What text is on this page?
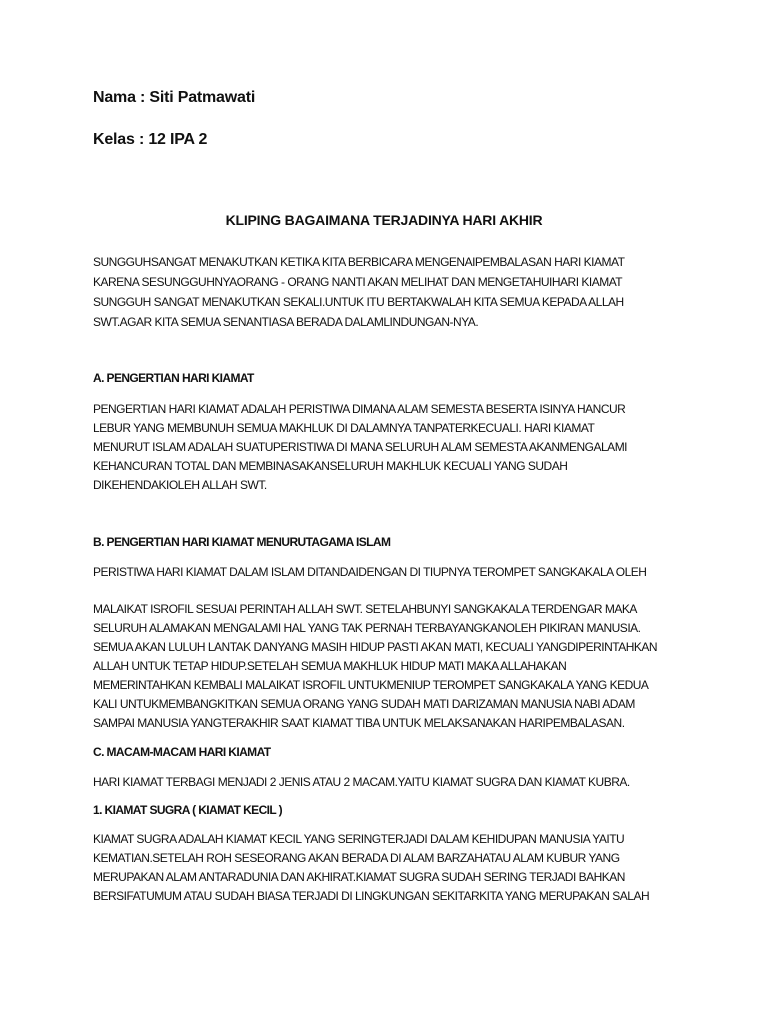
Nama : Siti Patmawati
Kelas : 12 IPA 2
KLIPING BAGAIMANA TERJADINYA HARI AKHIR
SUNGGUHSANGAT MENAKUTKAN KETIKA KITA BERBICARA MENGENAIPEMBALASAN HARI KIAMAT
KARENA SESUNGGUHNYAORANG - ORANG NANTI AKAN MELIHAT DAN MENGETAHUIHARI KIAMAT
SUNGGUH SANGAT MENAKUTKAN SEKALI.UNTUK ITU BERTAKWALAH KITA SEMUA KEPADA ALLAH
SWT.AGAR KITA SEMUA SENANTIASA BERADA DALAMLINDUNGAN-NYA.
A. PENGERTIAN HARI KIAMAT
PENGERTIAN HARI KIAMAT ADALAH PERISTIWA DIMANA ALAM SEMESTA BESERTA ISINYA HANCUR
LEBUR YANG MEMBUNUH SEMUA MAKHLUK DI DALAMNYA TANPATERKECUALI. HARI KIAMAT
MENURUT ISLAM ADALAH SUATUPERISTIWA DI MANA SELURUH ALAM SEMESTA AKANMENGALAMI
KEHANCURAN TOTAL DAN MEMBINASAKANSELURUH MAKHLUK KECUALI YANG SUDAH
DIKEHENDAKIOLEH ALLAH SWT.
B. PENGERTIAN HARI KIAMAT MENURUTAGAMA ISLAM
PERISTIWA HARI KIAMAT DALAM ISLAM DITANDAIDENGAN DI TIUPNYA TEROMPET SANGKAKALA OLEH
MALAIKAT ISROFIL SESUAI PERINTAH ALLAH SWT. SETELAHBUNYI SANGKAKALA TERDENGAR MAKA
SELURUH ALAMAKAN MENGALAMI HAL YANG TAK PERNAH TERBAYANGKANOLEH PIKIRAN MANUSIA.
SEMUA AKAN LULUH LANTAK DANYANG MASIH HIDUP PASTI AKAN MATI, KECUALI YANGDIPERINTAHKAN
ALLAH UNTUK TETAP HIDUP.SETELAH SEMUA MAKHLUK HIDUP MATI MAKA ALLAHAKAN
MEMERINTAHKAN KEMBALI MALAIKAT ISROFIL UNTUKMENIUP TEROMPET SANGKAKALA YANG KEDUA
KALI UNTUKMEMBANGKITKAN SEMUA ORANG YANG SUDAH MATI DARIZAMAN MANUSIA NABI ADAM
SAMPAI MANUSIA YANGTERAKHIR SAAT KIAMAT TIBA UNTUK MELAKSANAKAN HARIPEMBALASAN.
C. MACAM-MACAM HARI KIAMAT
HARI KIAMAT TERBAGI MENJADI 2 JENIS ATAU 2 MACAM.YAITU KIAMAT SUGRA DAN KIAMAT KUBRA.
1. KIAMAT SUGRA ( KIAMAT KECIL )
KIAMAT SUGRA ADALAH KIAMAT KECIL YANG SERINGTERJADI DALAM KEHIDUPAN MANUSIA YAITU
KEMATIAN.SETELAH ROH SESEORANG AKAN BERADA DI ALAM BARZAHATAU ALAM KUBUR YANG
MERUPAKAN ALAM ANTARADUNIA DAN AKHIRAT.KIAMAT SUGRA SUDAH SERING TERJADI BAHKAN
BERSIFATUMUM ATAU SUDAH BIASA TERJADI DI LINGKUNGAN SEKITARKITA YANG MERUPAKAN SALAH
